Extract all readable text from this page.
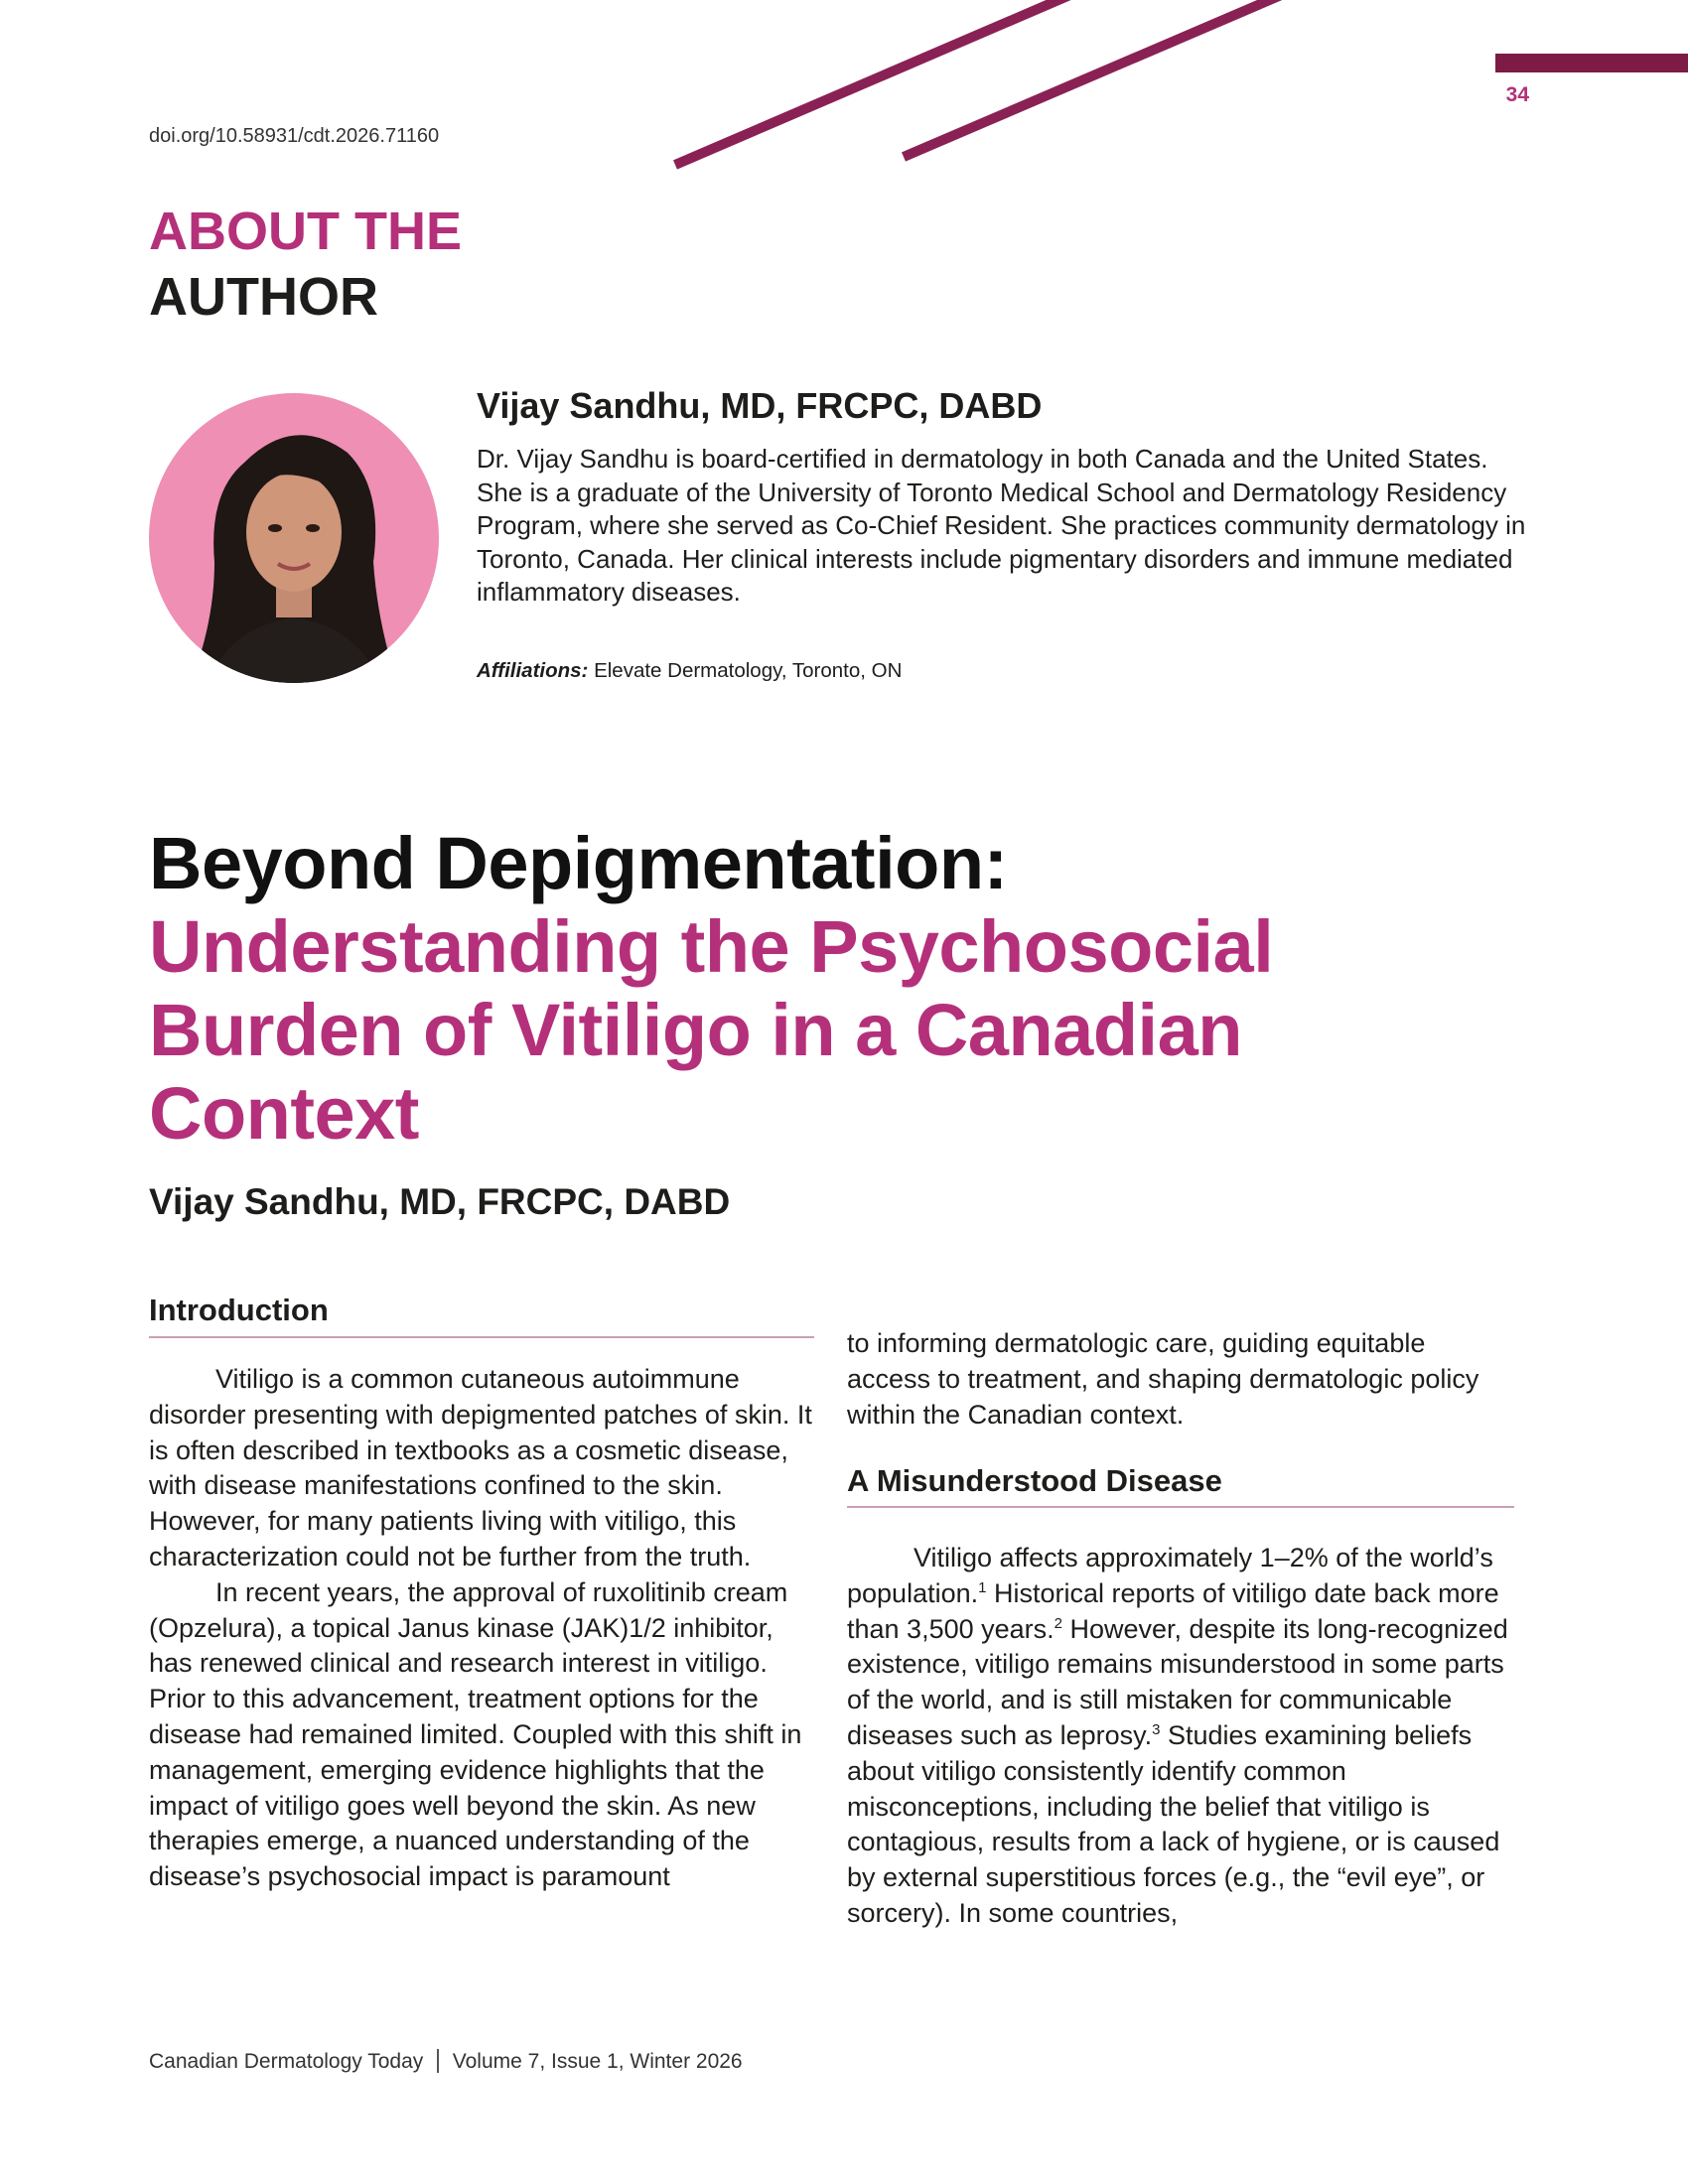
doi.org/10.58931/cdt.2026.71160
34
ABOUT THE
AUTHOR
Vijay Sandhu, MD, FRCPC, DABD
Dr. Vijay Sandhu is board-certified in dermatology in both Canada and the United States. She is a graduate of the University of Toronto Medical School and Dermatology Residency Program, where she served as Co-Chief Resident. She practices community dermatology in Toronto, Canada. Her clinical interests include pigmentary disorders and immune mediated inflammatory diseases.
Affiliations: Elevate Dermatology, Toronto, ON
Beyond Depigmentation:
Understanding the Psychosocial Burden of Vitiligo in a Canadian Context
Vijay Sandhu, MD, FRCPC, DABD
Introduction

Vitiligo is a common cutaneous autoimmune disorder presenting with depigmented patches of skin. It is often described in textbooks as a cosmetic disease, with disease manifestations confined to the skin. However, for many patients living with vitiligo, this characterization could not be further from the truth.

In recent years, the approval of ruxolitinib cream (Opzelura), a topical Janus kinase (JAK)1/2 inhibitor, has renewed clinical and research interest in vitiligo. Prior to this advancement, treatment options for the disease had remained limited. Coupled with this shift in management, emerging evidence highlights that the impact of vitiligo goes well beyond the skin. As new therapies emerge, a nuanced understanding of the disease’s psychosocial impact is paramount

to informing dermatologic care, guiding equitable access to treatment, and shaping dermatologic policy within the Canadian context.

A Misunderstood Disease

Vitiligo affects approximately 1–2% of the world’s population.$^1$ Historical reports of vitiligo date back more than 3,500 years.$^2$ However, despite its long-recognized existence, vitiligo remains misunderstood in some parts of the world, and is still mistaken for communicable diseases such as leprosy.$^3$ Studies examining beliefs about vitiligo consistently identify common misconceptions, including the belief that vitiligo is contagious, results from a lack of hygiene, or is caused by external superstitious forces (e.g., the “evil eye”, or sorcery). In some countries,

Canadian Dermatology Today Volume 7, Issue 1, Winter 2026
